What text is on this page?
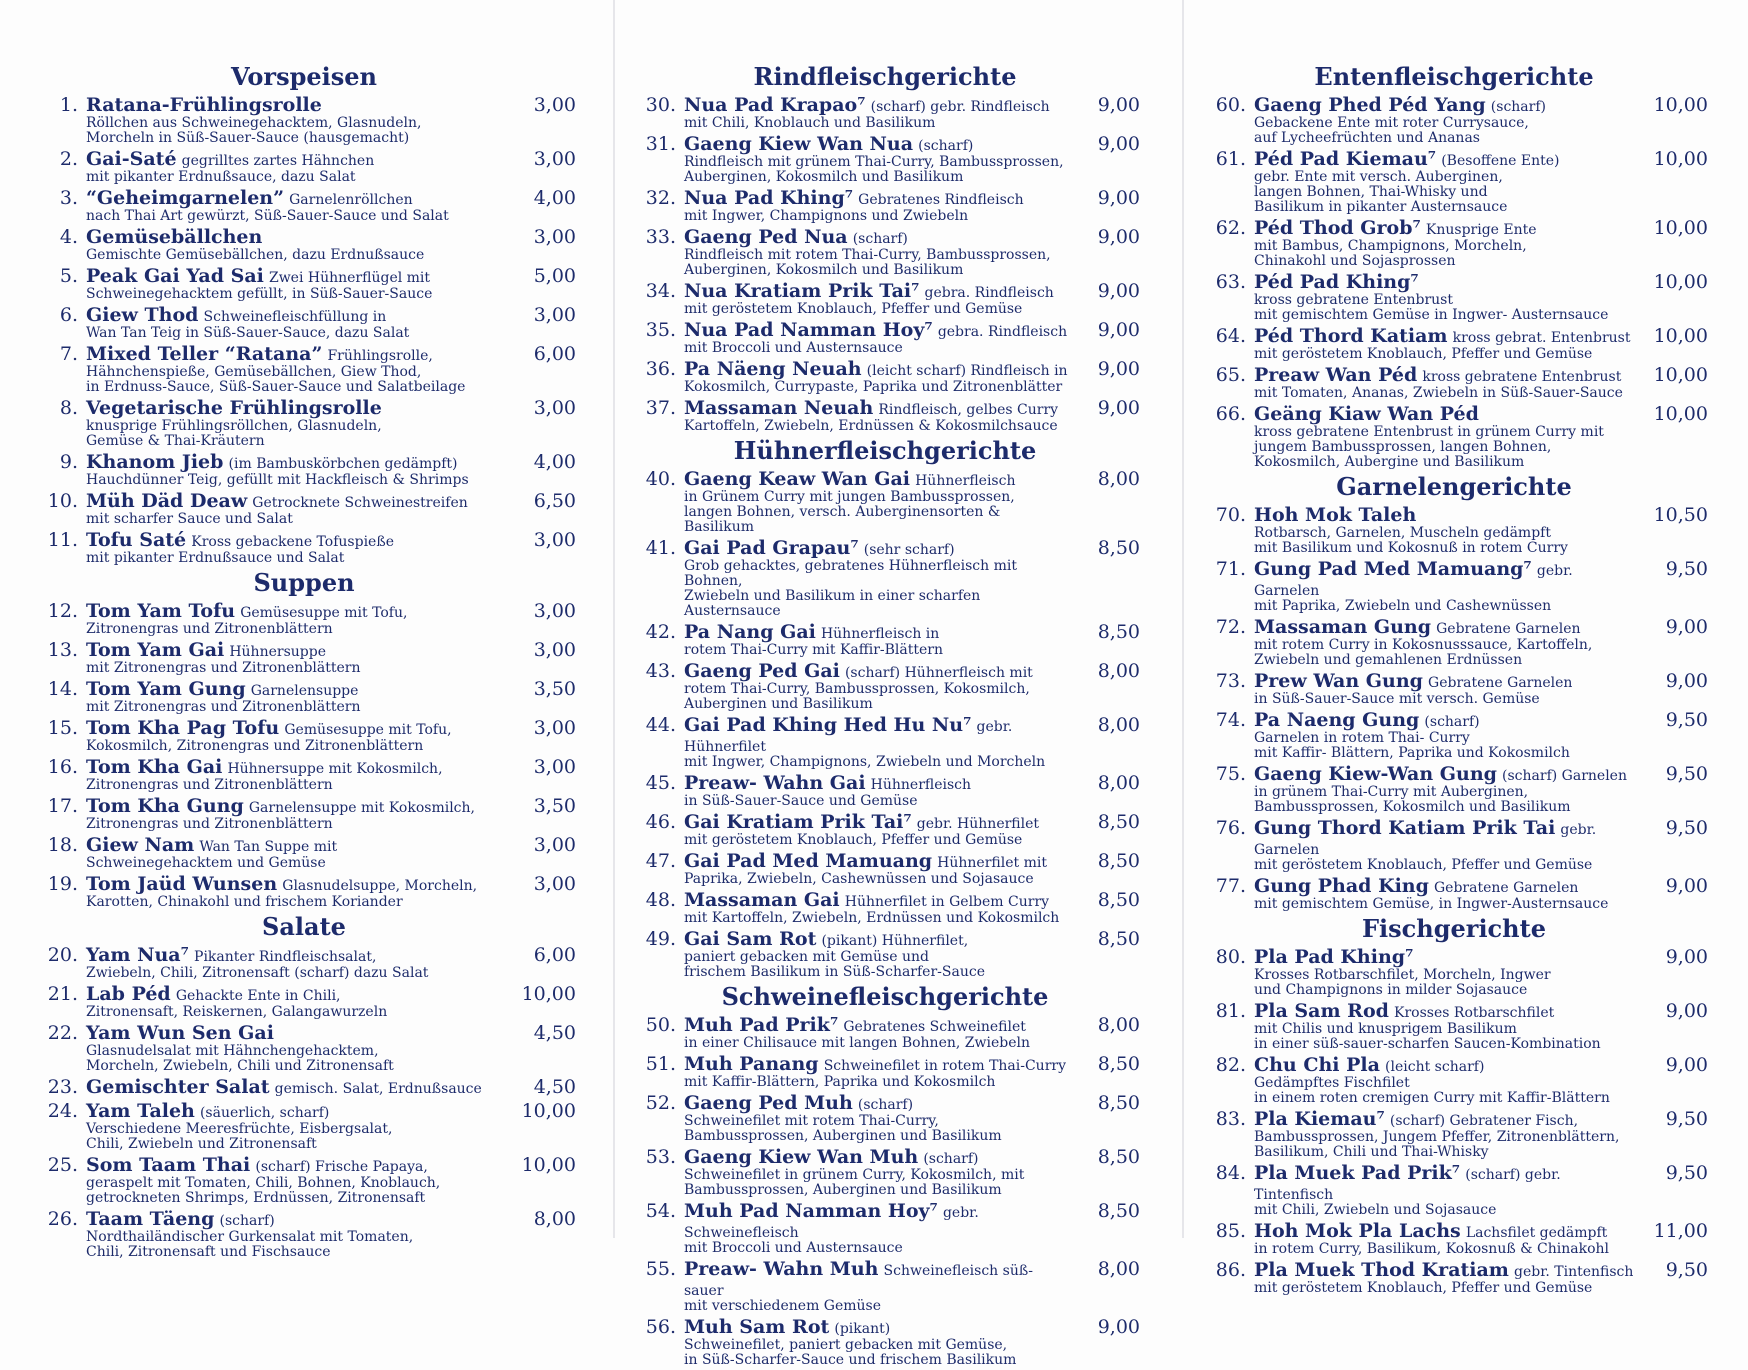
Vorspeisen
1. Ratana-Frühlingsrolle
Röllchen aus Schweinegehacktem, Glasnudeln,
Morcheln in Süß-Sauer-Sauce (hausgemacht)
3,00
2. Gai-Saté gegrilltes zartes Hähnchen
mit pikanter Erdnußsauce, dazu Salat
3,00
3. “Geheimgarnelen” Garnelenröllchen
nach Thai Art gewürzt, Süß-Sauer-Sauce und Salat
4,00
4. Gemüsebällchen
Gemischte Gemüsebällchen, dazu Erdnußsauce
3,00
5. Peak Gai Yad Sai Zwei Hühnerflügel mit
Schweinegehacktem gefüllt, in Süß-Sauer-Sauce
5,00
6. Giew Thod Schweinefleischfüllung in
Wan Tan Teig in Süß-Sauer-Sauce, dazu Salat
3,00
7. Mixed Teller “Ratana” Frühlingsrolle,
Hähnchenspieße, Gemüsebällchen, Giew Thod,
in Erdnuss-Sauce, Süß-Sauer-Sauce und Salatbeilage
6,00
8. Vegetarische Frühlingsrolle
knusprige Frühlingsröllchen, Glasnudeln,
Gemüse & Thai-Kräutern
3,00
9. Khanom Jieb (im Bambuskörbchen gedämpft)
Hauchdünner Teig, gefüllt mit Hackfleisch & Shrimps
4,00
10. Müh Däd Deaw Getrocknete Schweinestreifen
mit scharfer Sauce und Salat
6,50
11. Tofu Saté Kross gebackene Tofuspieße
mit pikanter Erdnußsauce und Salat
3,00
Suppen
12. Tom Yam Tofu Gemüsesuppe mit Tofu,
Zitronengras und Zitronenblättern
3,00
13. Tom Yam Gai Hühnersuppe
mit Zitronengras und Zitronenblättern
3,00
14. Tom Yam Gung Garnelensuppe
mit Zitronengras und Zitronenblättern
3,50
15. Tom Kha Pag Tofu Gemüsesuppe mit Tofu,
Kokosmilch, Zitronengras und Zitronenblättern
3,00
16. Tom Kha Gai Hühnersuppe mit Kokosmilch,
Zitronengras und Zitronenblättern
3,00
17. Tom Kha Gung Garnelensuppe mit Kokosmilch,
Zitronengras und Zitronenblättern
3,50
18. Giew Nam Wan Tan Suppe mit
Schweinegehacktem und Gemüse
3,00
19. Tom Jaüd Wunsen Glasnudelsuppe, Morcheln,
Karotten, Chinakohl und frischem Koriander
3,00
Salate
20. Yam Nua⁷ Pikanter Rindfleischsalat,
Zwiebeln, Chili, Zitronensaft (scharf) dazu Salat
6,00
21. Lab Péd Gehackte Ente in Chili,
Zitronensaft, Reiskernen, Galangawurzeln
10,00
22. Yam Wun Sen Gai
Glasnudelsalat mit Hähnchengehacktem,
Morcheln, Zwiebeln, Chili und Zitronensaft
4,50
23. Gemischter Salat gemisch. Salat, Erdnußsauce	4,50
24. Yam Taleh (säuerlich, scharf)
Verschiedene Meeresfrüchte, Eisbergsalat,
Chili, Zwiebeln und Zitronensaft
10,00
25. Som Taam Thai (scharf) Frische Papaya,
geraspelt mit Tomaten, Chili, Bohnen, Knoblauch,
getrockneten Shrimps, Erdnüssen, Zitronensaft
10,00
26. Taam Täeng (scharf)
Nordthailändischer Gurkensalat mit Tomaten,
Chili, Zitronensaft und Fischsauce
8,00
Rindfleischgerichte
30. Nua Pad Krapao⁷ (scharf) gebr. Rindfleisch
mit Chili, Knoblauch und Basilikum
9,00
31. Gaeng Kiew Wan Nua (scharf)
Rindfleisch mit grünem Thai-Curry, Bambussprossen,
Auberginen, Kokosmilch und Basilikum
9,00
32. Nua Pad Khing⁷ Gebratenes Rindfleisch
mit Ingwer, Champignons und Zwiebeln
9,00
33. Gaeng Ped Nua (scharf)
Rindfleisch mit rotem Thai-Curry, Bambussprossen,
Auberginen, Kokosmilch und Basilikum
9,00
34. Nua Kratiam Prik Tai⁷ gebra. Rindfleisch
mit geröstetem Knoblauch, Pfeffer und Gemüse
9,00
35. Nua Pad Namman Hoy⁷ gebra. Rindfleisch
mit Broccoli und Austernsauce
9,00
36. Pa Näeng Neuah (leicht scharf) Rindfleisch in
Kokosmilch, Currypaste, Paprika und Zitronenblätter
9,00
37. Massaman Neuah Rindfleisch, gelbes Curry
Kartoffeln, Zwiebeln, Erdnüssen & Kokosmilchsauce
9,00
Hühnerfleischgerichte
40. Gaeng Keaw Wan Gai Hühnerfleisch
in Grünem Curry mit jungen Bambussprossen,
langen Bohnen, versch. Auberginensorten & Basilikum
8,00
41. Gai Pad Grapau⁷ (sehr scharf)
Grob gehacktes, gebratenes Hühnerfleisch mit Bohnen,
Zwiebeln und Basilikum in einer scharfen Austernsauce
8,50
42. Pa Nang Gai Hühnerfleisch in
rotem Thai-Curry mit Kaffir-Blättern
8,50
43. Gaeng Ped Gai (scharf) Hühnerfleisch mit
rotem Thai-Curry, Bambussprossen, Kokosmilch,
Auberginen und Basilikum
8,00
44. Gai Pad Khing Hed Hu Nu⁷ gebr. Hühnerfilet
mit Ingwer, Champignons, Zwiebeln und Morcheln
8,00
45. Preaw- Wahn Gai Hühnerfleisch
in Süß-Sauer-Sauce und Gemüse
8,00
46. Gai Kratiam Prik Tai⁷ gebr. Hühnerfilet
mit geröstetem Knoblauch, Pfeffer und Gemüse
8,50
47. Gai Pad Med Mamuang Hühnerfilet mit
Paprika, Zwiebeln, Cashewnüssen und Sojasauce
8,50
48. Massaman Gai Hühnerfilet in Gelbem Curry
mit Kartoffeln, Zwiebeln, Erdnüssen und Kokosmilch
8,50
49. Gai Sam Rot (pikant) Hühnerfilet,
paniert gebacken mit Gemüse und
frischem Basilikum in Süß-Scharfer-Sauce
8,50
Schweinefleischgerichte
50. Muh Pad Prik⁷ Gebratenes Schweinefilet
in einer Chilisauce mit langen Bohnen, Zwiebeln
8,00
51. Muh Panang Schweinefilet in rotem Thai-Curry
mit Kaffir-Blättern, Paprika und Kokosmilch
8,50
52. Gaeng Ped Muh (scharf)
Schweinefilet mit rotem Thai-Curry,
Bambussprossen, Auberginen und Basilikum
8,50
53. Gaeng Kiew Wan Muh (scharf)
Schweinefilet in grünem Curry, Kokosmilch, mit
Bambussprossen, Auberginen und Basilikum
8,50
54. Muh Pad Namman Hoy⁷ gebr. Schweinefleisch
mit Broccoli und Austernsauce
8,50
55. Preaw- Wahn Muh Schweinefleisch süß-sauer
mit verschiedenem Gemüse
8,00
56. Muh Sam Rot (pikant)
Schweinefilet, paniert gebacken mit Gemüse,
in Süß-Scharfer-Sauce und frischem Basilikum
9,00
Entenfleischgerichte
60. Gaeng Phed Péd Yang (scharf)
Gebackene Ente mit roter Currysauce,
auf Lycheefrüchten und Ananas
10,00
61. Péd Pad Kiemau⁷ (Besoffene Ente)
gebr. Ente mit versch. Auberginen,
langen Bohnen, Thai-Whisky und
Basilikum in pikanter Austernsauce
10,00
62. Péd Thod Grob⁷ Knusprige Ente
mit Bambus, Champignons, Morcheln,
Chinakohl und Sojasprossen
10,00
63. Péd Pad Khing⁷
kross gebratene Entenbrust
mit gemischtem Gemüse in Ingwer- Austernsauce
10,00
64. Péd Thord Katiam kross gebrat. Entenbrust
mit geröstetem Knoblauch, Pfeffer und Gemüse
10,00
65. Preaw Wan Péd kross gebratene Entenbrust
mit Tomaten, Ananas, Zwiebeln in Süß-Sauer-Sauce
10,00
66. Geäng Kiaw Wan Péd
kross gebratene Entenbrust in grünem Curry mit
jungem Bambussprossen, langen Bohnen,
Kokosmilch, Aubergine und Basilikum
10,00
Garnelengerichte
70. Hoh Mok Taleh
Rotbarsch, Garnelen, Muscheln gedämpft
mit Basilikum und Kokosnuß in rotem Curry
10,50
71. Gung Pad Med Mamuang⁷ gebr. Garnelen
mit Paprika, Zwiebeln und Cashewnüssen
9,50
72. Massaman Gung Gebratene Garnelen
mit rotem Curry in Kokosnusssauce, Kartoffeln,
Zwiebeln und gemahlenen Erdnüssen
9,00
73. Prew Wan Gung Gebratene Garnelen
in Süß-Sauer-Sauce mit versch. Gemüse
9,00
74. Pa Naeng Gung (scharf)
Garnelen in rotem Thai- Curry
mit Kaffir- Blättern, Paprika und Kokosmilch
9,50
75. Gaeng Kiew-Wan Gung (scharf) Garnelen
in grünem Thai-Curry mit Auberginen,
Bambussprossen, Kokosmilch und Basilikum
9,50
76. Gung Thord Katiam Prik Tai gebr. Garnelen
mit geröstetem Knoblauch, Pfeffer und Gemüse
9,50
77. Gung Phad King Gebratene Garnelen
mit gemischtem Gemüse, in Ingwer-Austernsauce
9,00
Fischgerichte
80. Pla Pad Khing⁷
Krosses Rotbarschfilet, Morcheln, Ingwer
und Champignons in milder Sojasauce
9,00
81. Pla Sam Rod Krosses Rotbarschfilet
mit Chilis und knusprigem Basilikum
in einer süß-sauer-scharfen Saucen-Kombination
9,00
82. Chu Chi Pla (leicht scharf)
Gedämpftes Fischfilet
in einem roten cremigen Curry mit Kaffir-Blättern
9,00
83. Pla Kiemau⁷ (scharf) Gebratener Fisch,
Bambussprossen, Jungem Pfeffer, Zitronenblättern,
Basilikum, Chili und Thai-Whisky
9,50
84. Pla Muek Pad Prik⁷ (scharf) gebr. Tintenfisch
mit Chili, Zwiebeln und Sojasauce
9,50
85. Hoh Mok Pla Lachs Lachsfilet gedämpft
in rotem Curry, Basilikum, Kokosnuß & Chinakohl
11,00
86. Pla Muek Thod Kratiam gebr. Tintenfisch
mit geröstetem Knoblauch, Pfeffer und Gemüse
9,50
